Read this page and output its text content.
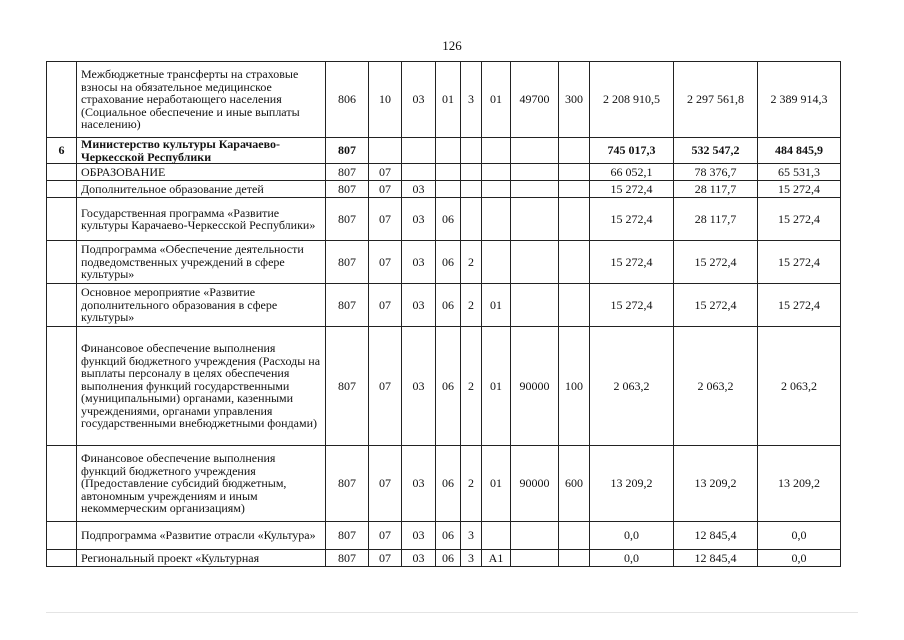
126
	Межбюджетные трансферты на страховые взносы на обязательное медицинское страхование неработающего населения (Социальное обеспечение и иные выплаты населению)	806	10	03	01	3	01	49700	300	2 208 910,5	2 297 561,8	2 389 914,3
6	Министерство культуры Карачаево-Черкесской Республики	807								745 017,3	532 547,2	484 845,9
	ОБРАЗОВАНИЕ	807	07							66 052,1	78 376,7	65 531,3
	Дополнительное образование детей	807	07	03						15 272,4	28 117,7	15 272,4
	Государственная программа «Развитие культуры Карачаево-Черкесской Республики»	807	07	03	06					15 272,4	28 117,7	15 272,4
	Подпрограмма «Обеспечение деятельности подведомственных учреждений в сфере культуры»	807	07	03	06	2				15 272,4	15 272,4	15 272,4
	Основное мероприятие «Развитие дополнительного образования в сфере культуры»	807	07	03	06	2	01			15 272,4	15 272,4	15 272,4
	Финансовое обеспечение выполнения функций бюджетного учреждения (Расходы на выплаты персоналу в целях обеспечения выполнения функций государственными (муниципальными) органами, казенными учреждениями, органами управления государственными внебюджетными фондами)	807	07	03	06	2	01	90000	100	2 063,2	2 063,2	2 063,2
	Финансовое обеспечение выполнения функций бюджетного учреждения (Предоставление субсидий бюджетным, автономным учреждениям и иным некоммерческим организациям)	807	07	03	06	2	01	90000	600	13 209,2	13 209,2	13 209,2
	Подпрограмма «Развитие отрасли «Культура»	807	07	03	06	3				0,0	12 845,4	0,0
	Региональный проект «Культурная	807	07	03	06	3	A1			0,0	12 845,4	0,0
